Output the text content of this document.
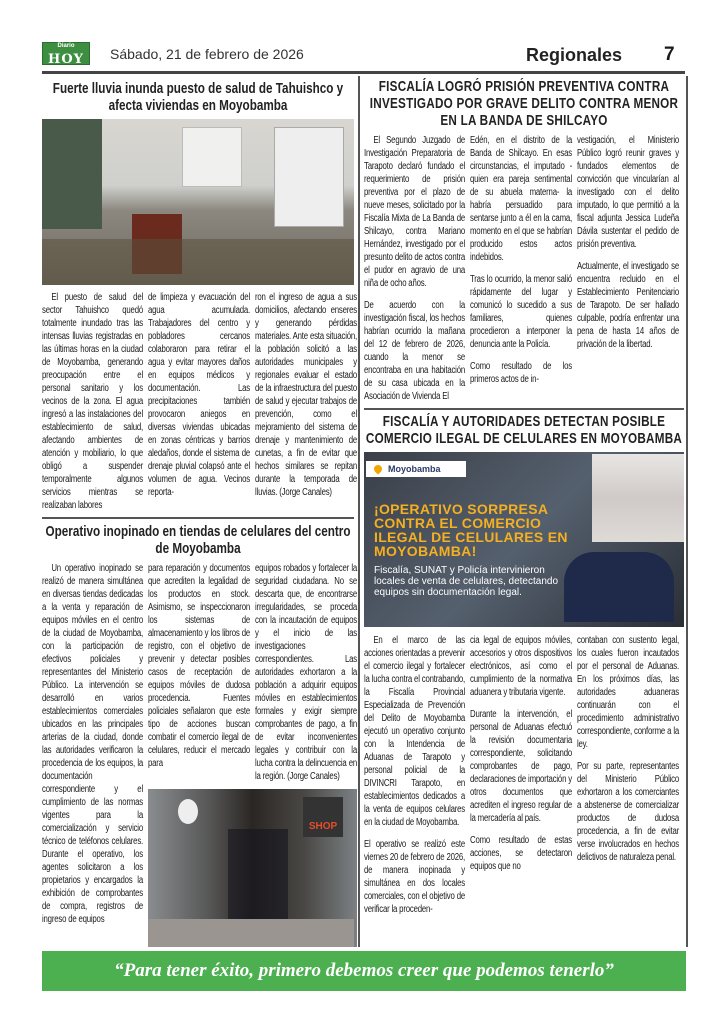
Diario
HOY	Sábado, 21 de febrero de 2026	Regionales 7
Fuerte lluvia inunda puesto de salud de Tahuishco y afecta viviendas en Moyobamba

El puesto de salud del sector Tahuishco quedó totalmente inundado tras las intensas lluvias registradas en las últimas horas en la ciudad de Moyobamba, generando preocupación entre el personal sanitario y los vecinos de la zona. El agua ingresó a las instalaciones del establecimiento de salud, afectando ambientes de atención y mobiliario, lo que obligó a suspender temporalmente algunos servicios mientras se realizaban labores

de limpieza y evacuación del agua acumulada. Trabajadores del centro y pobladores cercanos colaboraron para retirar el agua y evitar mayores daños en equipos médicos y documentación. Las precipitaciones también provocaron aniegos en diversas viviendas ubicadas en zonas céntricas y barrios aledaños, donde el sistema de drenaje pluvial colapsó ante el volumen de agua. Vecinos reporta-

ron el ingreso de agua a sus domicilios, afectando enseres y generando pérdidas materiales. Ante esta situación, la población solicitó a las autoridades municipales y regionales evaluar el estado de la infraestructura del puesto de salud y ejecutar trabajos de prevención, como el mejoramiento del sistema de drenaje y mantenimiento de cunetas, a fin de evitar que hechos similares se repitan durante la temporada de lluvias. (Jorge Canales)

Operativo inopinado en tiendas de celulares del centro de Moyobamba

Un operativo inopinado se realizó de manera simultánea en diversas tiendas dedicadas a la venta y reparación de equipos móviles en el centro de la ciudad de Moyobamba, con la participación de efectivos policiales y representantes del Ministerio Público. La intervención se desarrolló en varios establecimientos comerciales ubicados en las principales arterias de la ciudad, donde las autoridades verificaron la procedencia de los equipos, la documentación correspondiente y el cumplimiento de las normas vigentes para la comercialización y servicio técnico de teléfonos celulares. Durante el operativo, los agentes solicitaron a los propietarios y encargados la exhibición de comprobantes de compra, registros de ingreso de equipos

para reparación y documentos que acrediten la legalidad de los productos en stock. Asimismo, se inspeccionaron los sistemas de almacenamiento y los libros de registro, con el objetivo de prevenir y detectar posibles casos de receptación de equipos móviles de dudosa procedencia. Fuentes policiales señalaron que este tipo de acciones buscan combatir el comercio ilegal de celulares, reducir el mercado para

equipos robados y fortalecer la seguridad ciudadana. No se descarta que, de encontrarse irregularidades, se proceda con la incautación de equipos y el inicio de las investigaciones correspondientes. Las autoridades exhortaron a la población a adquirir equipos móviles en establecimientos formales y exigir siempre comprobantes de pago, a fin de evitar inconvenientes legales y contribuir con la lucha contra la delincuencia en la región. (Jorge Canales)

SHOP
FISCALÍA LOGRÓ PRISIÓN PREVENTIVA CONTRA INVESTIGADO POR GRAVE DELITO CONTRA MENOR EN LA BANDA DE SHILCAYO

El Segundo Juzgado de Investigación Preparatoria de Tarapoto declaró fundado el requerimiento de prisión preventiva por el plazo de nueve meses, solicitado por la Fiscalía Mixta de La Banda de Shilcayo, contra Mariano Hernández, investigado por el presunto delito de actos contra el pudor en agravio de una niña de ocho años.

De acuerdo con la investigación fiscal, los hechos habrían ocurrido la mañana del 12 de febrero de 2026, cuando la menor se encontraba en una habitación de su casa ubicada en la Asociación de Vivienda El

Edén, en el distrito de la Banda de Shilcayo. En esas circunstancias, el imputado -quien era pareja sentimental de su abuela materna- la habría persuadido para sentarse junto a él en la cama, momento en el que se habrían producido estos actos indebidos.

Tras lo ocurrido, la menor salió rápidamente del lugar y comunicó lo sucedido a sus familiares, quienes procedieron a interponer la denuncia ante la Policía.

Como resultado de los primeros actos de in-

vestigación, el Ministerio Público logró reunir graves y fundados elementos de convicción que vincularían al investigado con el delito imputado, lo que permitió a la fiscal adjunta Jessica Ludeña Dávila sustentar el pedido de prisión preventiva.

Actualmente, el investigado se encuentra recluido en el Establecimiento Penitenciario de Tarapoto. De ser hallado culpable, podría enfrentar una pena de hasta 14 años de privación de la libertad.

FISCALÍA Y AUTORIDADES DETECTAN POSIBLE COMERCIO ILEGAL DE CELULARES EN MOYOBAMBA
Moyobamba
¡OPERATIVO SORPRESA CONTRA EL COMERCIO ILEGAL DE CELULARES EN MOYOBAMBA!
Fiscalía, SUNAT y Policía intervinieron locales de venta de celulares, detectando equipos sin documentación legal.

En el marco de las acciones orientadas a prevenir el comercio ilegal y fortalecer la lucha contra el contrabando, la Fiscalía Provincial Especializada de Prevención del Delito de Moyobamba ejecutó un operativo conjunto con la Intendencia de Aduanas de Tarapoto y personal policial de la DIVINCRI Tarapoto, en establecimientos dedicados a la venta de equipos celulares en la ciudad de Moyobamba.

El operativo se realizó este viernes 20 de febrero de 2026, de manera inopinada y simultánea en dos locales comerciales, con el objetivo de verificar la proceden-

cia legal de equipos móviles, accesorios y otros dispositivos electrónicos, así como el cumplimiento de la normativa aduanera y tributaria vigente.

Durante la intervención, el personal de Aduanas efectuó la revisión documentaria correspondiente, solicitando comprobantes de pago, declaraciones de importación y otros documentos que acrediten el ingreso regular de la mercadería al país.

Como resultado de estas acciones, se detectaron equipos que no

contaban con sustento legal, los cuales fueron incautados por el personal de Aduanas. En los próximos días, las autoridades aduaneras continuarán con el procedimiento administrativo correspondiente, conforme a la ley.

Por su parte, representantes del Ministerio Público exhortaron a los comerciantes a abstenerse de comercializar productos de dudosa procedencia, a fin de evitar verse involucrados en hechos delictivos de naturaleza penal.

“Para tener éxito, primero debemos creer que podemos tenerlo”
